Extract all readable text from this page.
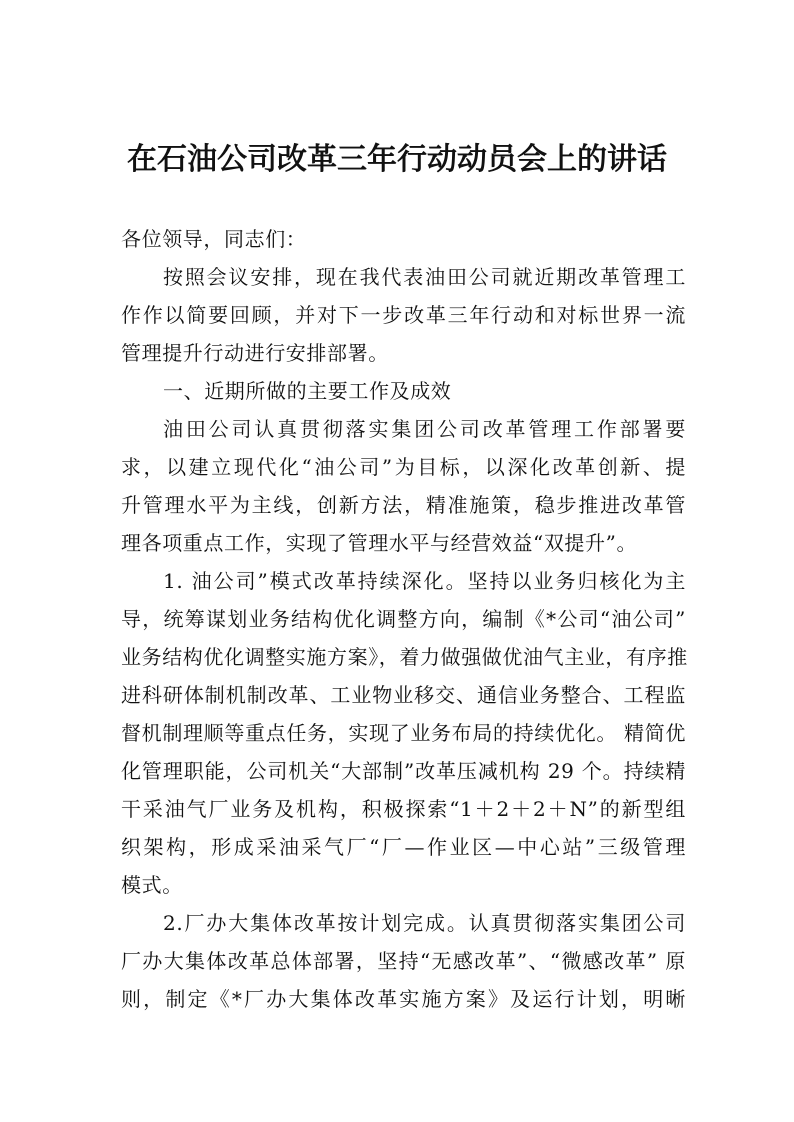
在石油公司改革三年行动动员会上的讲话
各位领导，同志们：
按照会议安排，现在我代表油田公司就近期改革管理工
作作以简要回顾，并对下一步改革三年行动和对标世界一流
管理提升行动进行安排部署。
一、近期所做的主要工作及成效
油田公司认真贯彻落实集团公司改革管理工作部署要
求，以建立现代化“油公司”为目标，以深化改革创新、提
升管理水平为主线，创新方法，精准施策，稳步推进改革管
理各项重点工作，实现了管理水平与经营效益“双提升”。
1. 油公司”模式改革持续深化。坚持以业务归核化为主
导，统筹谋划业务结构优化调整方向，编制《*公司“油公司”
业务结构优化调整实施方案》，着力做强做优油气主业，有序推
进科研体制机制改革、工业物业移交、通信业务整合、工程监
督机制理顺等重点任务，实现了业务布局的持续优化。 精简优
化管理职能，公司机关“大部制”改革压减机构 29 个。持续精
干采油气厂业务及机构，积极探索“1＋2＋2＋N”的新型组
织架构，形成采油采气厂“厂—作业区—中心站”三级管理
模式。
2.厂办大集体改革按计划完成。认真贯彻落实集团公司
厂办大集体改革总体部署，坚持“无感改革”、“微感改革” 原
则，制定《*厂办大集体改革实施方案》及运行计划，明晰
